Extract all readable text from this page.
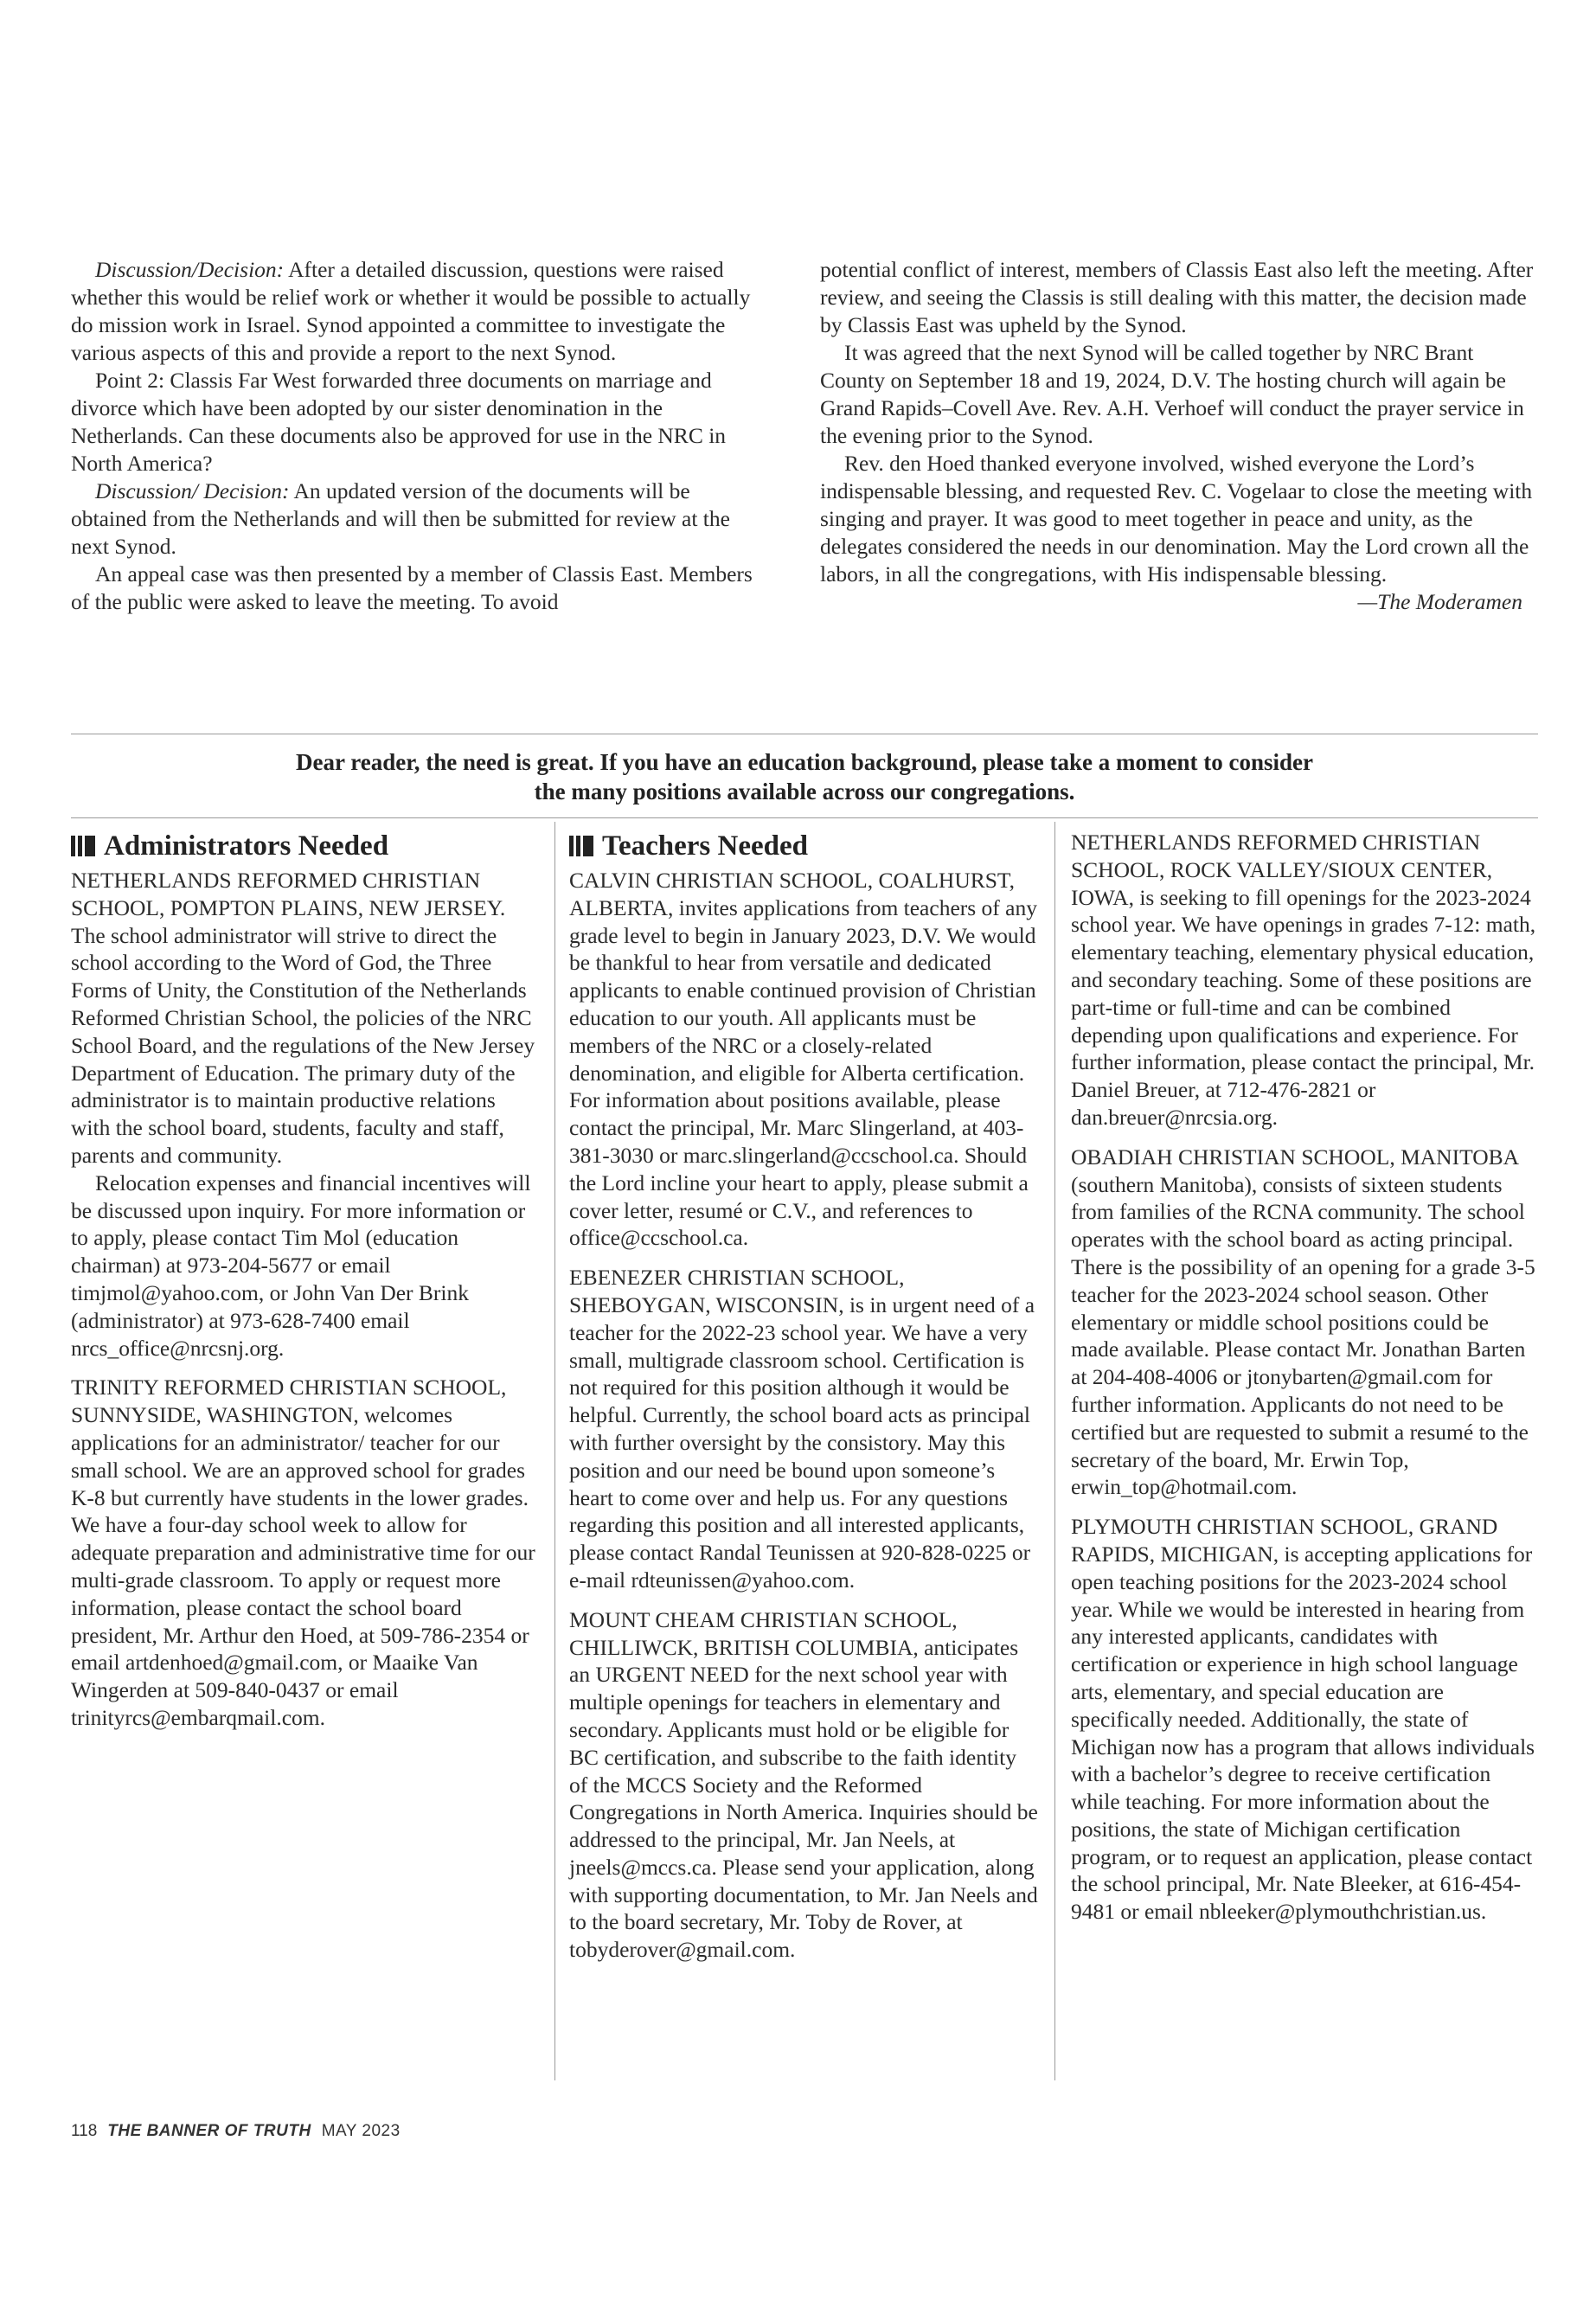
Discussion/Decision: After a detailed discussion, questions were raised whether this would be relief work or whether it would be possible to actually do mission work in Israel. Synod appointed a committee to investigate the various aspects of this and provide a report to the next Synod.

Point 2: Classis Far West forwarded three documents on marriage and divorce which have been adopted by our sister denomination in the Netherlands. Can these documents also be approved for use in the NRC in North America?

Discussion/ Decision: An updated version of the documents will be obtained from the Netherlands and will then be submitted for review at the next Synod.

An appeal case was then presented by a member of Classis East. Members of the public were asked to leave the meeting. To avoid

potential conflict of interest, members of Classis East also left the meeting. After review, and seeing the Classis is still dealing with this matter, the decision made by Classis East was upheld by the Synod.

It was agreed that the next Synod will be called together by NRC Brant County on September 18 and 19, 2024, D.V. The hosting church will again be Grand Rapids–Covell Ave. Rev. A.H. Verhoef will conduct the prayer service in the evening prior to the Synod.

Rev. den Hoed thanked everyone involved, wished everyone the Lord’s indispensable blessing, and requested Rev. C. Vogelaar to close the meeting with singing and prayer. It was good to meet together in peace and unity, as the delegates considered the needs in our denomination. May the Lord crown all the labors, in all the congregations, with His indispensable blessing.

—The Moderamen

Dear reader, the need is great. If you have an education background, please take a moment to consider
the many positions available across our congregations.
Administrators Needed

NETHERLANDS REFORMED CHRISTIAN SCHOOL, POMPTON PLAINS, NEW JERSEY. The school administrator will strive to direct the school according to the Word of God, the Three Forms of Unity, the Constitution of the Netherlands Reformed Christian School, the policies of the NRC School Board, and the regulations of the New Jersey Department of Education. The primary duty of the administrator is to maintain productive relations with the school board, students, faculty and staff, parents and community.

Relocation expenses and financial incentives will be discussed upon inquiry. For more information or to apply, please contact Tim Mol (education chairman) at 973-204-5677 or email timjmol@yahoo.com, or John Van Der Brink (administrator) at 973-628-7400 email nrcs_office@nrcsnj.org.

TRINITY REFORMED CHRISTIAN SCHOOL, SUNNYSIDE, WASHINGTON, welcomes applications for an administrator/ teacher for our small school. We are an approved school for grades K-8 but currently have students in the lower grades. We have a four-day school week to allow for adequate preparation and administrative time for our multi-grade classroom. To apply or request more information, please contact the school board president, Mr. Arthur den Hoed, at 509-786-2354 or email artdenhoed@gmail.com, or Maaike Van Wingerden at 509-840-0437 or email trinityrcs@embarqmail.com.

Teachers Needed

CALVIN CHRISTIAN SCHOOL, COALHURST, ALBERTA, invites applications from teachers of any grade level to begin in January 2023, D.V. We would be thankful to hear from versatile and dedicated applicants to enable continued provision of Christian education to our youth. All applicants must be members of the NRC or a closely-related denomination, and eligible for Alberta certification. For information about positions available, please contact the principal, Mr. Marc Slingerland, at 403-381-3030 or marc.slingerland@ccschool.ca. Should the Lord incline your heart to apply, please submit a cover letter, resumé or C.V., and references to office@ccschool.ca.

EBENEZER CHRISTIAN SCHOOL, SHEBOYGAN, WISCONSIN, is in urgent need of a teacher for the 2022-23 school year. We have a very small, multigrade classroom school. Certification is not required for this position although it would be helpful. Currently, the school board acts as principal with further oversight by the consistory. May this position and our need be bound upon someone’s heart to come over and help us. For any questions regarding this position and all interested applicants, please contact Randal Teunissen at 920-828-0225 or e-mail rdteunissen@yahoo.com.

MOUNT CHEAM CHRISTIAN SCHOOL, CHILLIWCK, BRITISH COLUMBIA, anticipates an URGENT NEED for the next school year with multiple openings for teachers in elementary and secondary. Applicants must hold or be eligible for BC certification, and subscribe to the faith identity of the MCCS Society and the Reformed Congregations in North America. Inquiries should be addressed to the principal, Mr. Jan Neels, at jneels@mccs.ca. Please send your application, along with supporting documentation, to Mr. Jan Neels and to the board secretary, Mr. Toby de Rover, at tobyderover@gmail.com.

NETHERLANDS REFORMED CHRISTIAN SCHOOL, ROCK VALLEY/SIOUX CENTER, IOWA, is seeking to fill openings for the 2023-2024 school year. We have openings in grades 7-12: math, elementary teaching, elementary physical education, and secondary teaching. Some of these positions are part-time or full-time and can be combined depending upon qualifications and experience. For further information, please contact the principal, Mr. Daniel Breuer, at 712-476-2821 or dan.breuer@nrcsia.org.

OBADIAH CHRISTIAN SCHOOL, MANITOBA (southern Manitoba), consists of sixteen students from families of the RCNA community. The school operates with the school board as acting principal. There is the possibility of an opening for a grade 3-5 teacher for the 2023-2024 school season. Other elementary or middle school positions could be made available. Please contact Mr. Jonathan Barten at 204-408-4006 or jtonybarten@gmail.com for further information. Applicants do not need to be certified but are requested to submit a resumé to the secretary of the board, Mr. Erwin Top, erwin_top@hotmail.com.

PLYMOUTH CHRISTIAN SCHOOL, GRAND RAPIDS, MICHIGAN, is accepting applications for open teaching positions for the 2023-2024 school year. While we would be interested in hearing from any interested applicants, candidates with certification or experience in high school language arts, elementary, and special education are specifically needed. Additionally, the state of Michigan now has a program that allows individuals with a bachelor’s degree to receive certification while teaching. For more information about the positions, the state of Michigan certification program, or to request an application, please contact the school principal, Mr. Nate Bleeker, at 616-454-9481 or email nbleeker@plymouthchristian.us.

118 THE BANNER OF TRUTH MAY 2023
